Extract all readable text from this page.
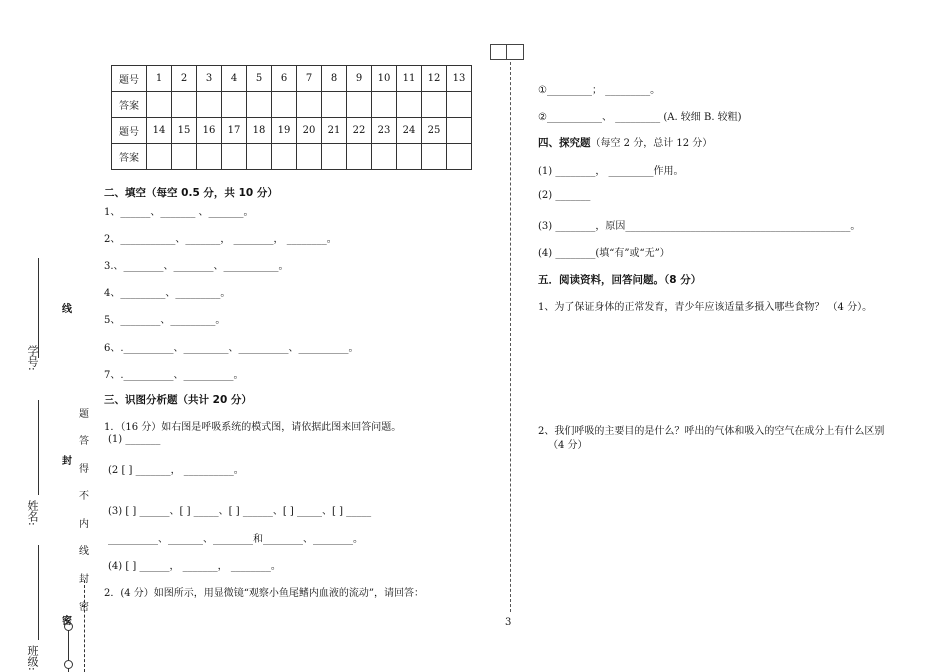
学号:
姓名:
班级:
线
封
密
题
答
得
不
内
线
封
密
题号	1	2	3	4	5	6	7	8	9	10	11	12	13
答案													
题号	14	15	16	17	18	19	20	21	22	23	24	25	
答案													
二、填空（每空 0.5 分，共 10 分）
1、______、_______ 、_______。
2、___________、_______， ________， ________。
3.、________、________、___________。
4、_________、_________。
5、________、_________。
6、.__________、_________、__________、__________。
7、.__________、__________。
三、识图分析题（共计 20 分）
1．（16 分）如右图是呼吸系统的模式图，请依据此图来回答问题。
(1) _______
(2 [ ] _______， __________。
(3) [ ] ______、[ ] _____、[ ] ______、[ ] _____、[ ] _____
__________、_______、________和________、________。
(4) [ ] ______， _______， ________。
2．(4 分）如图所示，用显微镜“观察小鱼尾鳍内血液的流动”，请回答：
3
①_________； _________。
②___________、 _________ (A. 较细 B. 较粗)
四、探究题（每空 2 分，总计 12 分）
(1) ________， _________作用。
(2) _______
(3) ________，原因_____________________________________________。
(4) ________(填“有”或“无”）
五．阅读资料，回答问题。（8 分）
1、为了保证身体的正常发育，青少年应该适量多摄入哪些食物？ （4 分）。
2、我们呼吸的主要目的是什么？呼出的气体和吸入的空气在成分上有什么区别
（4 分）
